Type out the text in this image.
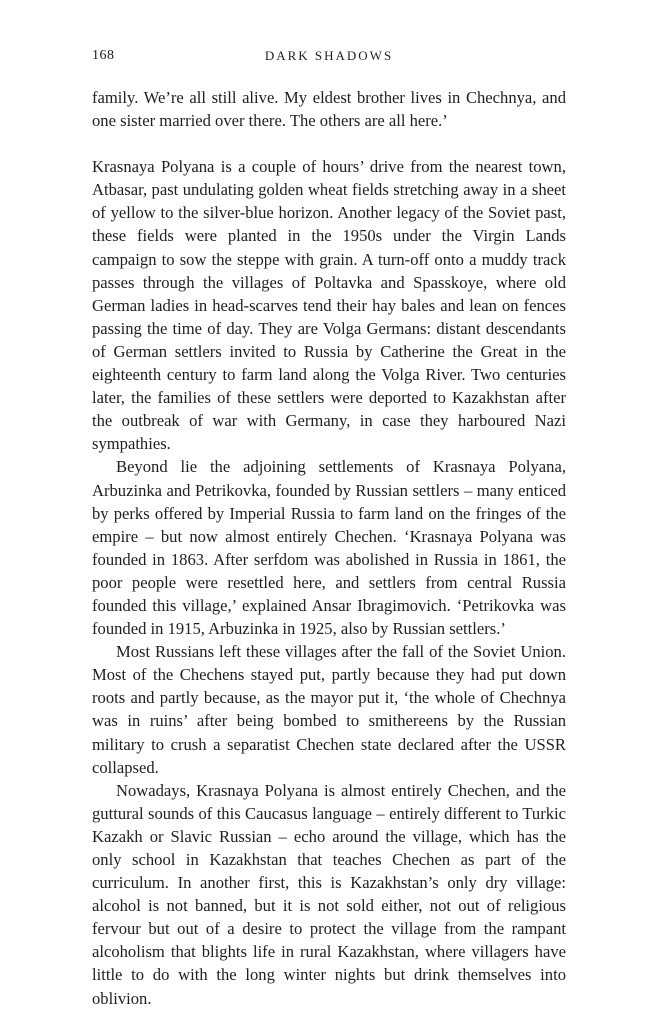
168	DARK SHADOWS

family. We’re all still alive. My eldest brother lives in Chechnya, and one sister married over there. The others are all here.’

Krasnaya Polyana is a couple of hours’ drive from the nearest town, Atbasar, past undulating golden wheat fields stretching away in a sheet of yellow to the silver-blue horizon. Another legacy of the Soviet past, these fields were planted in the 1950s under the Virgin Lands campaign to sow the steppe with grain. A turn-off onto a muddy track passes through the villages of Poltavka and Spasskoye, where old German ladies in head-scarves tend their hay bales and lean on fences passing the time of day. They are Volga Germans: distant descendants of German settlers invited to Russia by Catherine the Great in the eighteenth century to farm land along the Volga River. Two centuries later, the families of these settlers were deported to Kazakhstan after the outbreak of war with Germany, in case they harboured Nazi sympathies.

Beyond lie the adjoining settlements of Krasnaya Polyana, Arbuzinka and Petrikovka, founded by Russian settlers – many enticed by perks offered by Imperial Russia to farm land on the fringes of the empire – but now almost entirely Chechen. ‘Krasnaya Polyana was founded in 1863. After serfdom was abolished in Russia in 1861, the poor people were resettled here, and settlers from central Russia founded this village,’ explained Ansar Ibragimovich. ‘Petrikovka was founded in 1915, Arbuzinka in 1925, also by Russian settlers.’

Most Russians left these villages after the fall of the Soviet Union. Most of the Chechens stayed put, partly because they had put down roots and partly because, as the mayor put it, ‘the whole of Chechnya was in ruins’ after being bombed to smithereens by the Russian military to crush a separatist Chechen state declared after the USSR collapsed.

Nowadays, Krasnaya Polyana is almost entirely Chechen, and the guttural sounds of this Caucasus language – entirely different to Turkic Kazakh or Slavic Russian – echo around the village, which has the only school in Kazakhstan that teaches Chechen as part of the curriculum. In another first, this is Kazakhstan’s only dry village: alcohol is not banned, but it is not sold either, not out of religious fervour but out of a desire to protect the village from the rampant alcoholism that blights life in rural Kazakhstan, where villagers have little to do with the long winter nights but drink themselves into oblivion.
